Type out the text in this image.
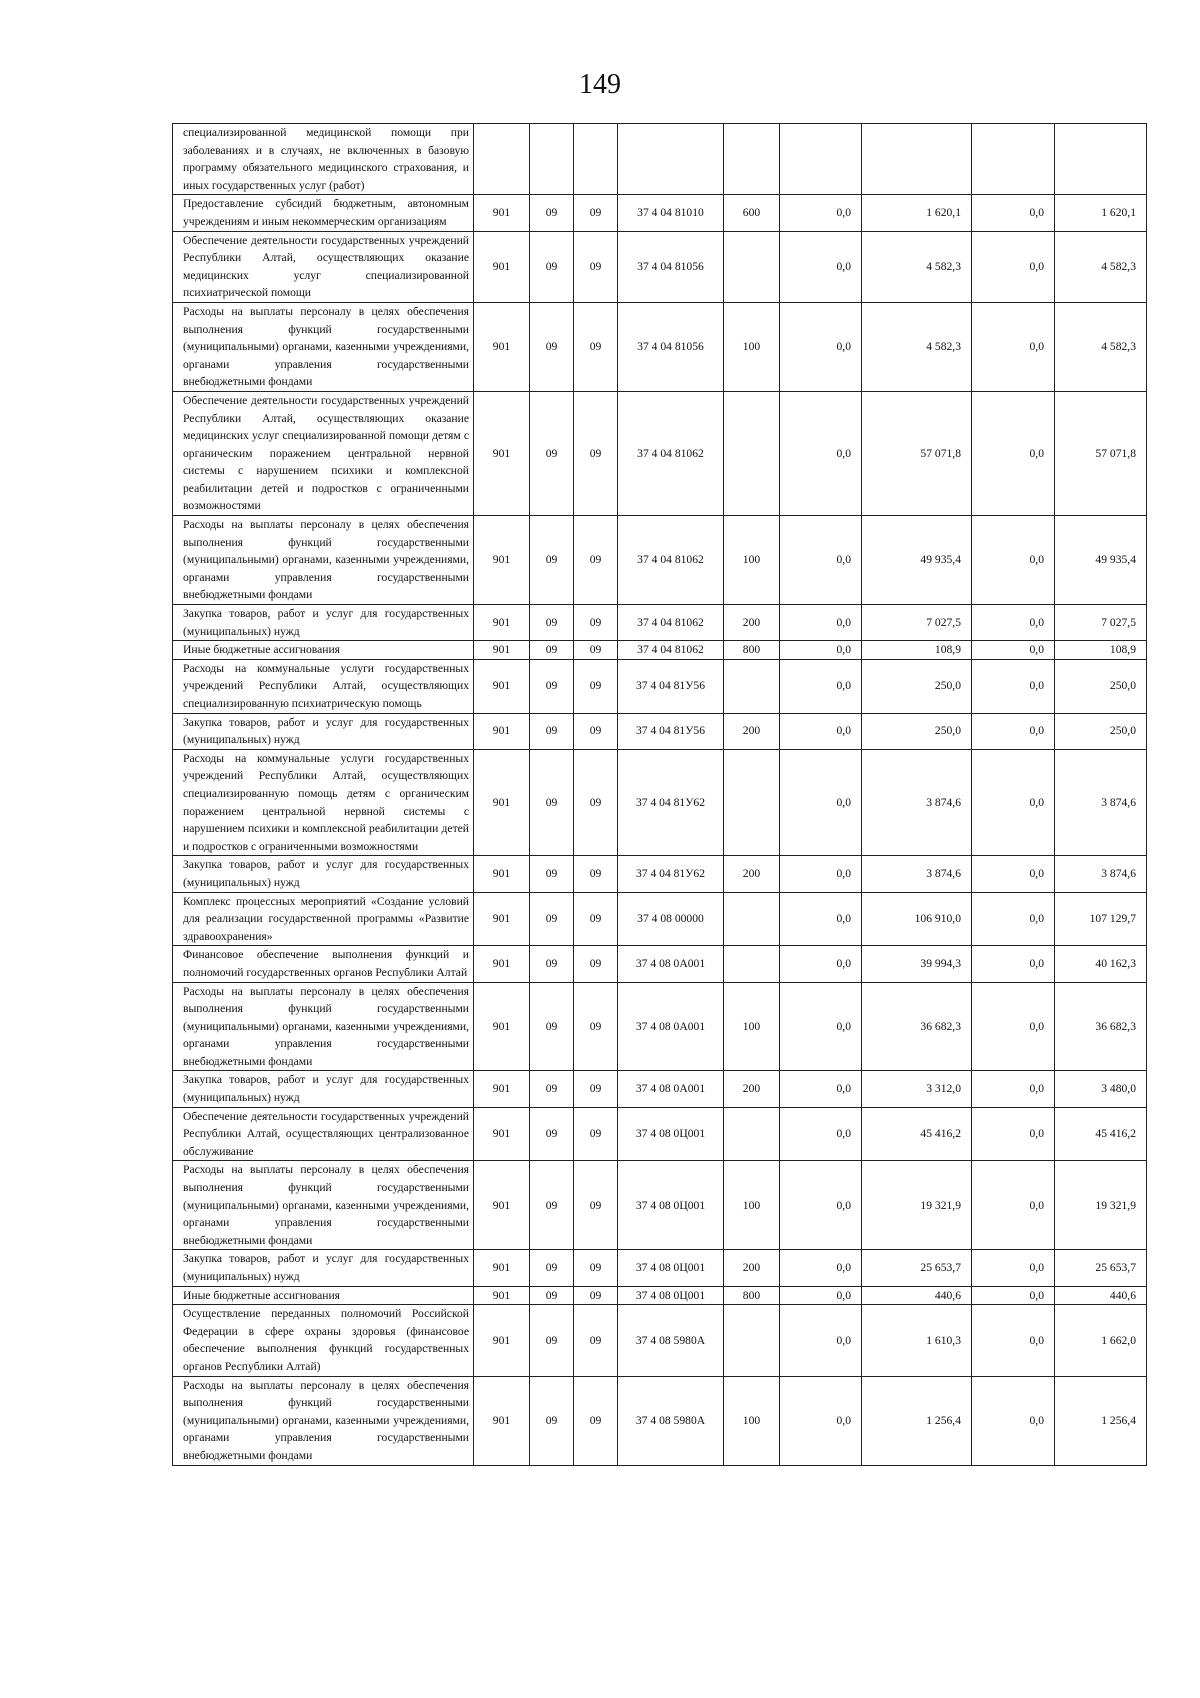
149
специализированной медицинской помощи при заболеваниях и в случаях, не включенных в базовую программу обязательного медицинского страхования, и иных государственных услуг (работ)									
Предоставление субсидий бюджетным, автономным учреждениям и иным некоммерческим организациям	901	09	09	37 4 04 81010	600	0,0	1 620,1	0,0	1 620,1
Обеспечение деятельности государственных учреждений Республики Алтай, осуществляющих оказание медицинских услуг специализированной психиатрической помощи	901	09	09	37 4 04 81056		0,0	4 582,3	0,0	4 582,3
Расходы на выплаты персоналу в целях обеспечения выполнения функций государственными (муниципальными) органами, казенными учреждениями, органами управления государственными внебюджетными фондами	901	09	09	37 4 04 81056	100	0,0	4 582,3	0,0	4 582,3
Обеспечение деятельности государственных учреждений Республики Алтай, осуществляющих оказание медицинских услуг специализированной помощи детям с органическим поражением центральной нервной системы с нарушением психики и комплексной реабилитации детей и подростков с ограниченными возможностями	901	09	09	37 4 04 81062		0,0	57 071,8	0,0	57 071,8
Расходы на выплаты персоналу в целях обеспечения выполнения функций государственными (муниципальными) органами, казенными учреждениями, органами управления государственными внебюджетными фондами	901	09	09	37 4 04 81062	100	0,0	49 935,4	0,0	49 935,4
Закупка товаров, работ и услуг для государственных (муниципальных) нужд	901	09	09	37 4 04 81062	200	0,0	7 027,5	0,0	7 027,5
Иные бюджетные ассигнования	901	09	09	37 4 04 81062	800	0,0	108,9	0,0	108,9
Расходы на коммунальные услуги государственных учреждений Республики Алтай, осуществляющих специализированную психиатрическую помощь	901	09	09	37 4 04 81У56		0,0	250,0	0,0	250,0
Закупка товаров, работ и услуг для государственных (муниципальных) нужд	901	09	09	37 4 04 81У56	200	0,0	250,0	0,0	250,0
Расходы на коммунальные услуги государственных учреждений Республики Алтай, осуществляющих специализированную помощь детям с органическим поражением центральной нервной системы с нарушением психики и комплексной реабилитации детей и подростков с ограниченными возможностями	901	09	09	37 4 04 81У62		0,0	3 874,6	0,0	3 874,6
Закупка товаров, работ и услуг для государственных (муниципальных) нужд	901	09	09	37 4 04 81У62	200	0,0	3 874,6	0,0	3 874,6
Комплекс процессных мероприятий «Создание условий для реализации государственной программы «Развитие здравоохранения»	901	09	09	37 4 08 00000		0,0	106 910,0	0,0	107 129,7
Финансовое обеспечение выполнения функций и полномочий государственных органов Республики Алтай	901	09	09	37 4 08 0А001		0,0	39 994,3	0,0	40 162,3
Расходы на выплаты персоналу в целях обеспечения выполнения функций государственными (муниципальными) органами, казенными учреждениями, органами управления государственными внебюджетными фондами	901	09	09	37 4 08 0А001	100	0,0	36 682,3	0,0	36 682,3
Закупка товаров, работ и услуг для государственных (муниципальных) нужд	901	09	09	37 4 08 0А001	200	0,0	3 312,0	0,0	3 480,0
Обеспечение деятельности государственных учреждений Республики Алтай, осуществляющих централизованное обслуживание	901	09	09	37 4 08 0Ц001		0,0	45 416,2	0,0	45 416,2
Расходы на выплаты персоналу в целях обеспечения выполнения функций государственными (муниципальными) органами, казенными учреждениями, органами управления государственными внебюджетными фондами	901	09	09	37 4 08 0Ц001	100	0,0	19 321,9	0,0	19 321,9
Закупка товаров, работ и услуг для государственных (муниципальных) нужд	901	09	09	37 4 08 0Ц001	200	0,0	25 653,7	0,0	25 653,7
Иные бюджетные ассигнования	901	09	09	37 4 08 0Ц001	800	0,0	440,6	0,0	440,6
Осуществление переданных полномочий Российской Федерации в сфере охраны здоровья (финансовое обеспечение выполнения функций государственных органов Республики Алтай)	901	09	09	37 4 08 5980А		0,0	1 610,3	0,0	1 662,0
Расходы на выплаты персоналу в целях обеспечения выполнения функций государственными (муниципальными) органами, казенными учреждениями, органами управления государственными внебюджетными фондами	901	09	09	37 4 08 5980А	100	0,0	1 256,4	0,0	1 256,4
